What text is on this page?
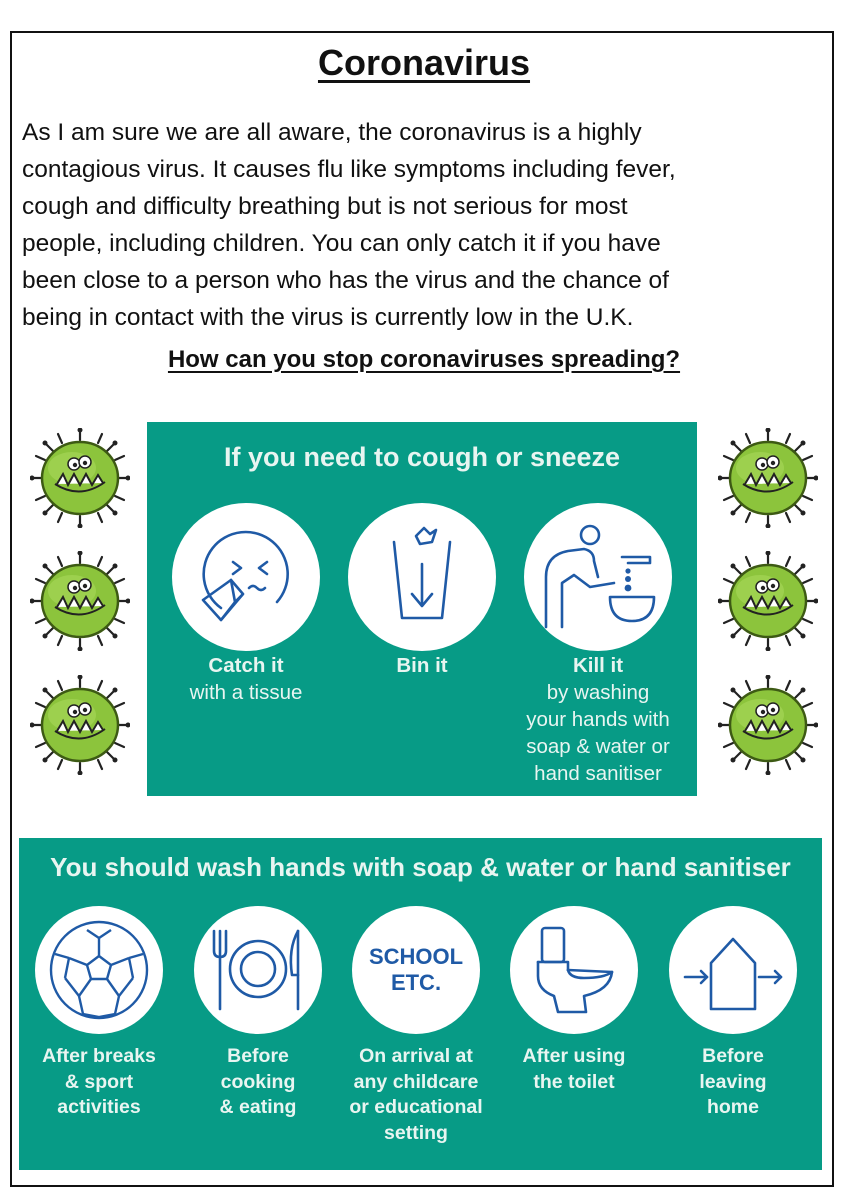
Coronavirus

As I am sure we are all aware, the coronavirus is a highly
contagious virus. It causes flu like symptoms including fever,
cough and difficulty breathing but is not serious for most
people, including children. You can only catch it if you have
been close to a person who has the virus and the chance of
being in contact with the virus is currently low in the U.K.

How can you stop coronaviruses spreading?
If you need to cough or sneeze
Catch it
with a tissue
Bin it	Kill it
by washing
your hands with
soap & water or
hand sanitiser
You should wash hands with soap & water or hand sanitiser
SCHOOL
ETC.
After breaks
& sport
activities
Before
cooking
& eating
On arrival at
any childcare
or educational
setting
After using
the toilet
Before
leaving
home
